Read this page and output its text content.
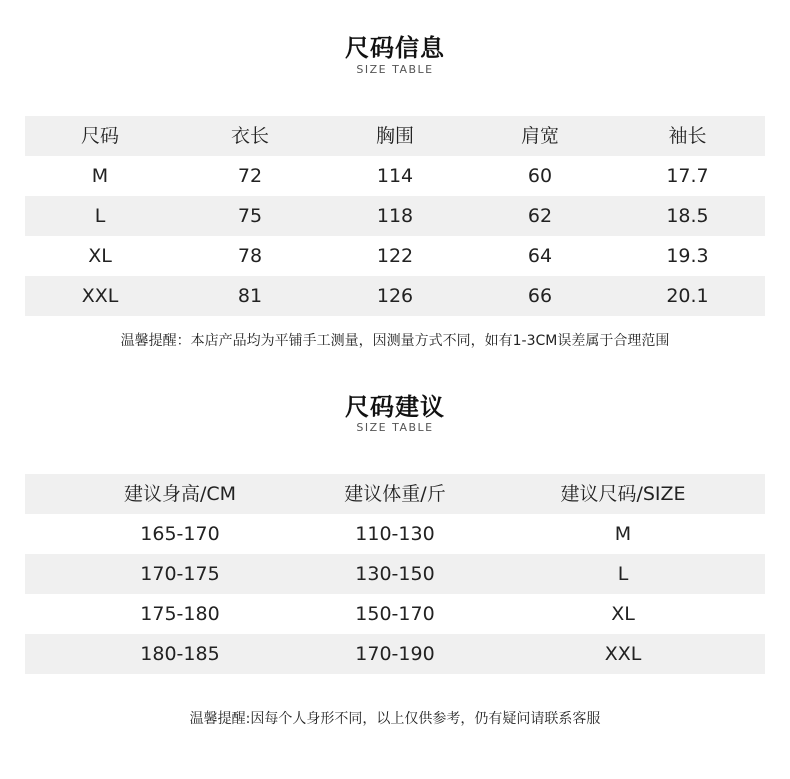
尺码信息
SIZE TABLE
尺码	衣长	胸围	肩宽	袖长
M	72	114	60	17.7
L	75	118	62	18.5
XL	78	122	64	19.3
XXL	81	126	66	20.1
温馨提醒：本店产品均为平铺手工测量，因测量方式不同，如有1-3CM误差属于合理范围
尺码建议
SIZE TABLE
建议身高/CM	建议体重/斤	建议尺码/SIZE
165-170	110-130	M
170-175	130-150	L
175-180	150-170	XL
180-185	170-190	XXL
温馨提醒:因每个人身形不同，以上仅供参考，仍有疑问请联系客服
